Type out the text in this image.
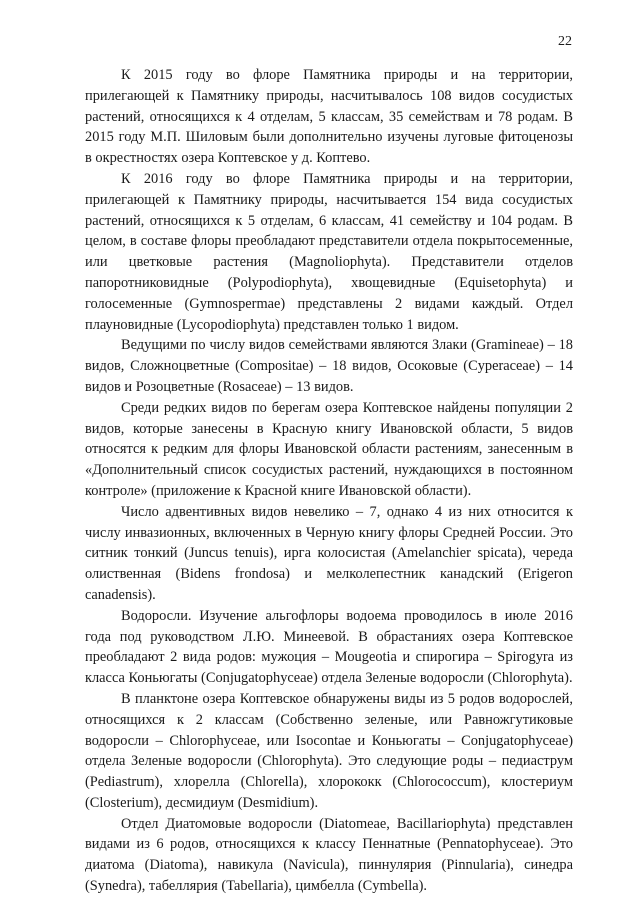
22

К 2015 году во флоре Памятника природы и на территории, прилегающей к Памятнику природы, насчитывалось 108 видов сосудистых растений, относящихся к 4 отделам, 5 классам, 35 семействам и 78 родам. В 2015 году М.П. Шиловым были дополнительно изучены луговые фитоценозы в окрестностях озера Коптевское у д. Коптево.

К 2016 году во флоре Памятника природы и на территории, прилегающей к Памятнику природы, насчитывается 154 вида сосудистых растений, относящихся к 5 отделам, 6 классам, 41 семейству и 104 родам. В целом, в составе флоры преобладают представители отдела покрытосеменные, или цветковые растения (Magnoliophyta). Представители отделов папоротниковидные (Polypodiophyta), хвощевидные (Equisetophyta) и голосеменные (Gymnospermae) представлены 2 видами каждый. Отдел плауновидные (Lycopodiophyta) представлен только 1 видом.

Ведущими по числу видов семействами являются Злаки (Gramineae) – 18 видов, Сложноцветные (Compositae) – 18 видов, Осоковые (Cyperaceae) – 14 видов и Розоцветные (Rosaceae) – 13 видов.

Среди редких видов по берегам озера Коптевское найдены популяции 2 видов, которые занесены в Красную книгу Ивановской области, 5 видов относятся к редким для флоры Ивановской области растениям, занесенным в «Дополнительный список сосудистых растений, нуждающихся в постоянном контроле» (приложение к Красной книге Ивановской области).

Число адвентивных видов невелико – 7, однако 4 из них относится к числу инвазионных, включенных в Черную книгу флоры Средней России. Это ситник тонкий (Juncus tenuis), ирга колосистая (Amelanchier spicata), череда олиственная (Bidens frondosa) и мелколепестник канадский (Erigeron canadensis).

Водоросли. Изучение альгофлоры водоема проводилось в июле 2016 года под руководством Л.Ю. Минеевой. В обрастаниях озера Коптевское преобладают 2 вида родов: мужоция – Mougeotia и спирогира – Spirogyra из класса Коньюгаты (Conjugatophyceae) отдела Зеленые водоросли (Chlorophyta).

В планктоне озера Коптевское обнаружены виды из 5 родов водорослей, относящихся к 2 классам (Собственно зеленые, или Равножгутиковые водоросли – Chlorophyceae, или Isocontae и Коньюгаты – Conjugatophyceae) отдела Зеленые водоросли (Chlorophyta). Это следующие роды – педиаструм (Pediastrum), хлорелла (Chlorella), хлорококк (Chlorococcum), клостериум (Closterium), десмидиум (Desmidium).

Отдел Диатомовые водоросли (Diatomeae, Bacillariophyta) представлен видами из 6 родов, относящихся к классу Пеннатные (Pennatophyceae). Это диатома (Diatoma), навикула (Navicula), пиннулярия (Pinnularia), синедра (Synedra), табеллярия (Tabellaria), цимбелла (Cymbella).
